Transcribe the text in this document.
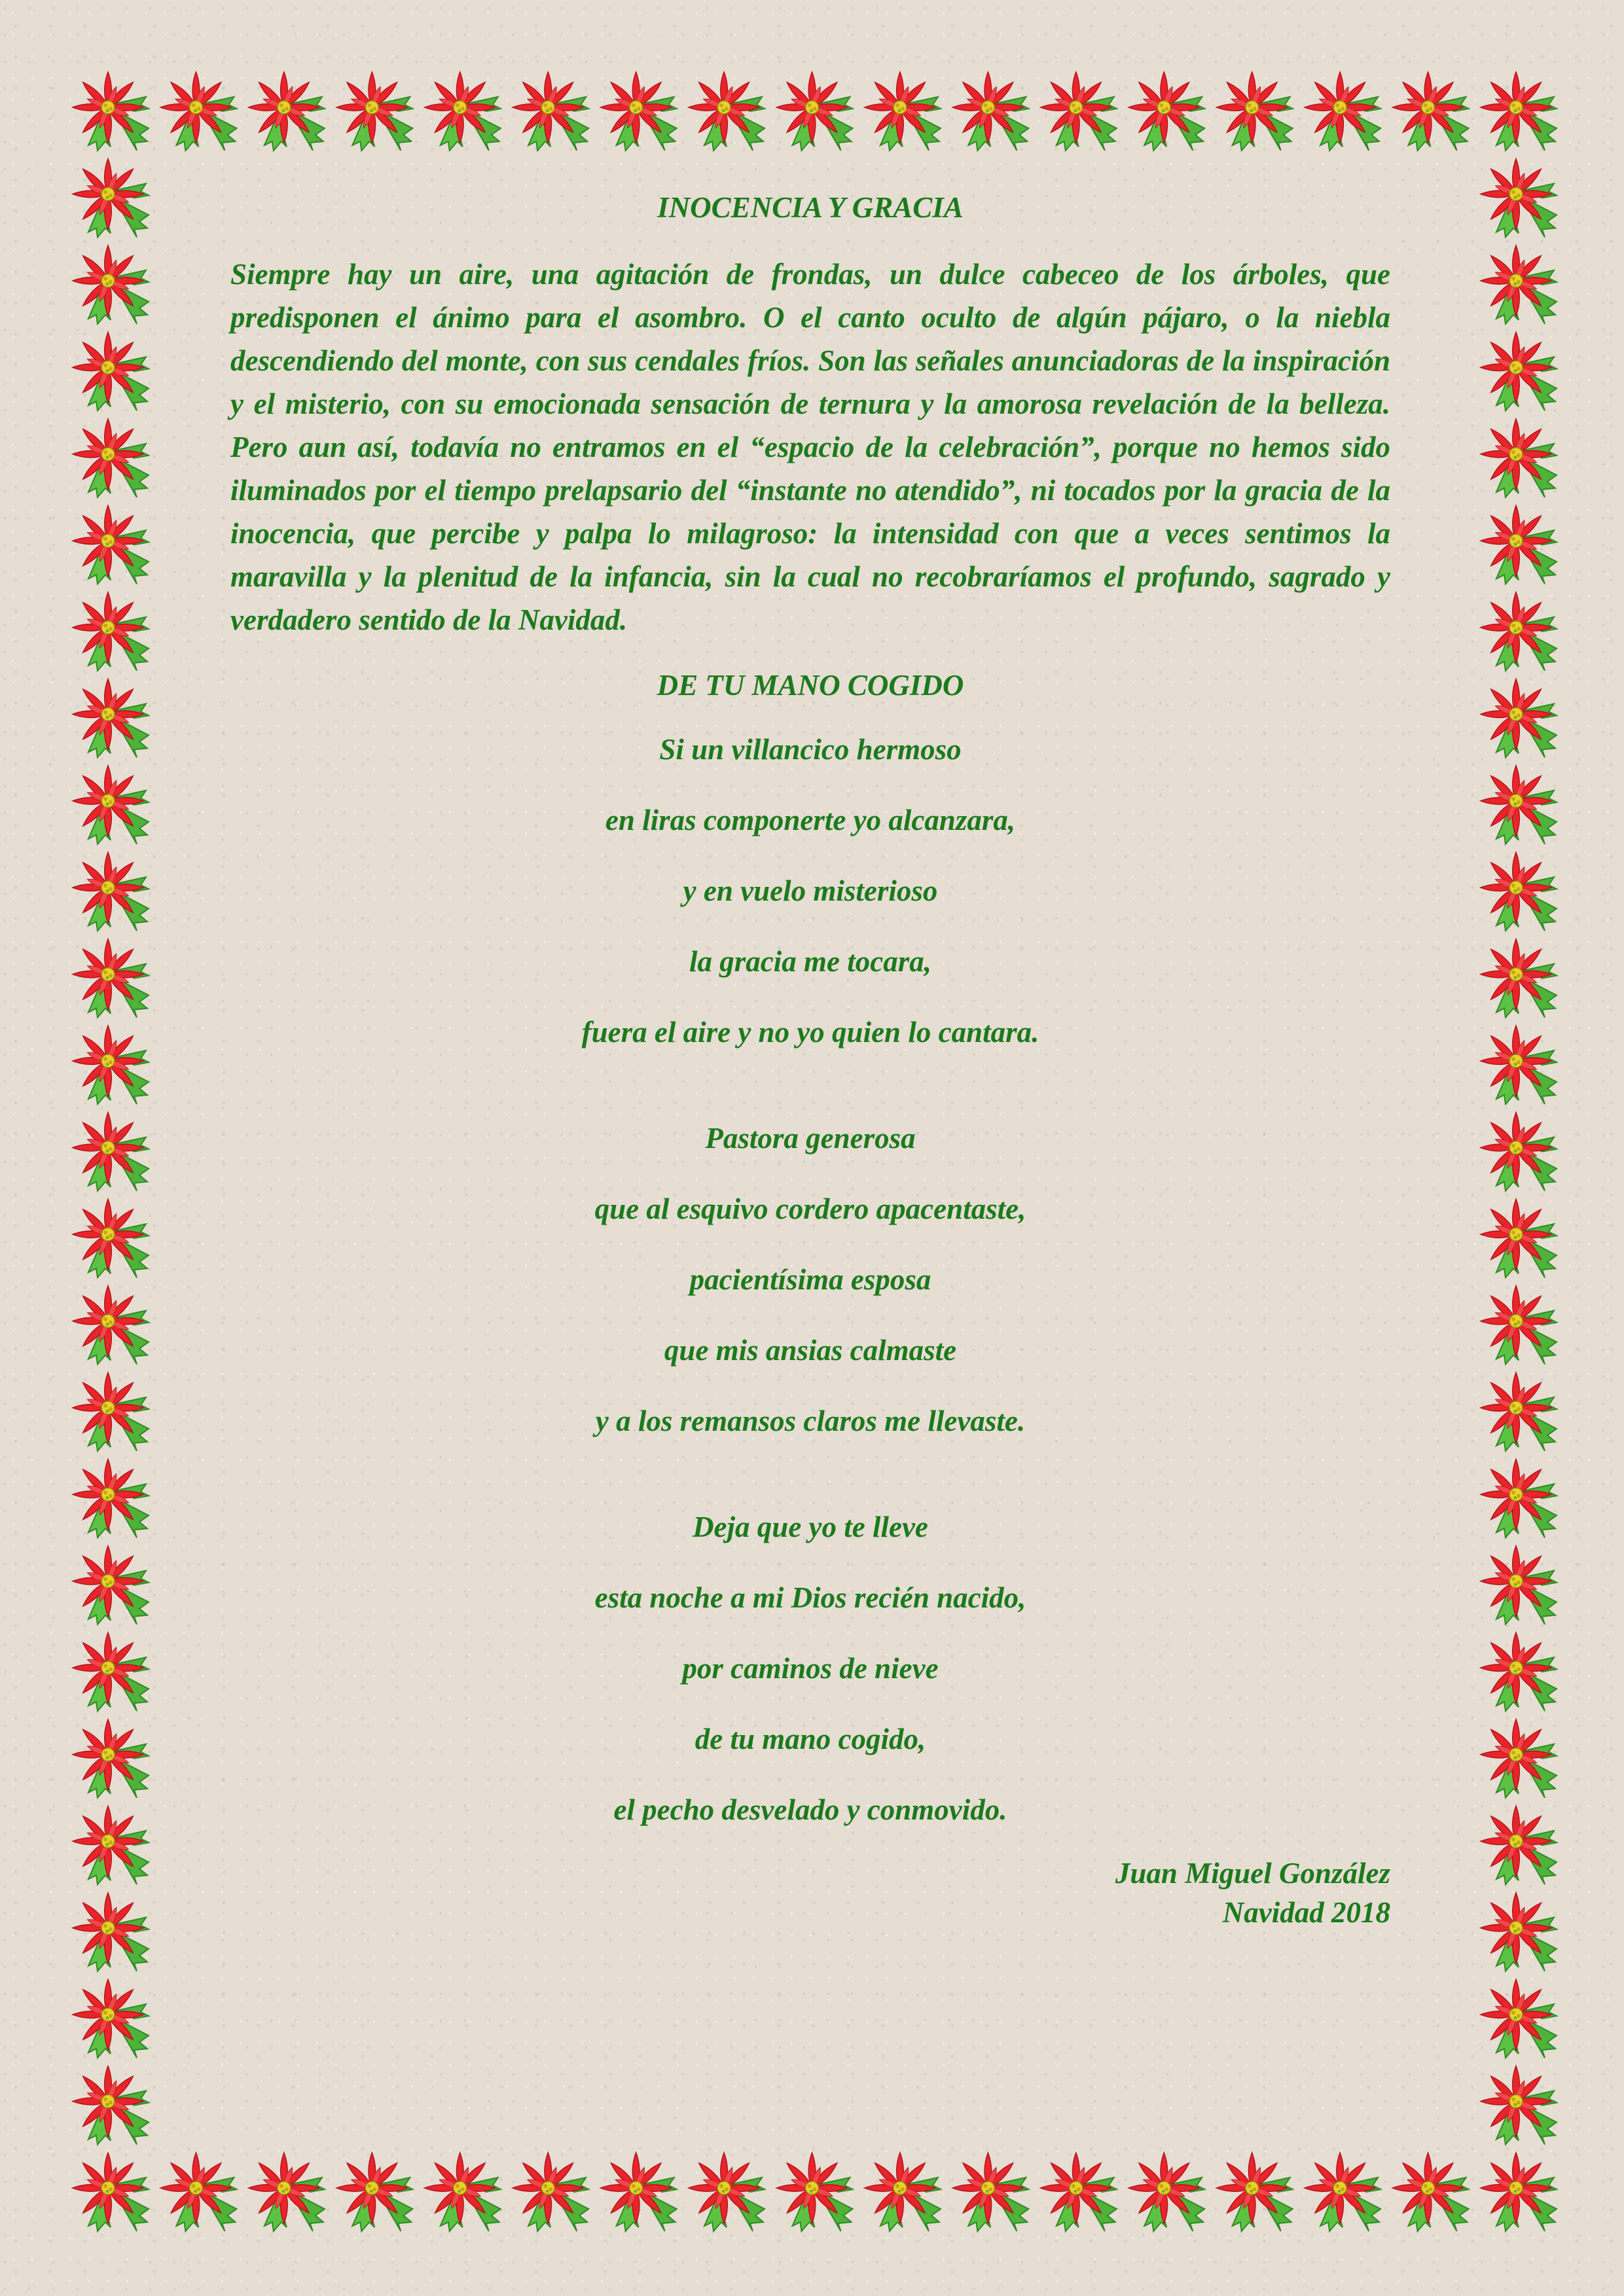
INOCENCIA Y GRACIA

Siempre hay un aire, una agitación de frondas, un dulce cabeceo de los árboles, que predisponen el ánimo para el asombro. O el canto oculto de algún pájaro, o la niebla descendiendo del monte, con sus cendales fríos. Son las señales anunciadoras de la inspiración y el misterio, con su emocionada sensación de ternura y la amorosa revelación de la belleza. Pero aun así, todavía no entramos en el “espacio de la celebración”, porque no hemos sido iluminados por el tiempo prelapsario del “instante no atendido”, ni tocados por la gracia de la inocencia, que percibe y palpa lo milagroso: la intensidad con que a veces sentimos la maravilla y la plenitud de la infancia, sin la cual no recobraríamos el profundo, sagrado y verdadero sentido de la Navidad.

DE TU MANO COGIDO
Si un villancico hermoso
en liras componerte yo alcanzara,
y en vuelo misterioso
la gracia me tocara,
fuera el aire y no yo quien lo cantara.
Pastora generosa
que al esquivo cordero apacentaste,
pacientísima esposa
que mis ansias calmaste
y a los remansos claros me llevaste.
Deja que yo te lleve
esta noche a mi Dios recién nacido,
por caminos de nieve
de tu mano cogido,
el pecho desvelado y conmovido.
Juan Miguel González
Navidad 2018
